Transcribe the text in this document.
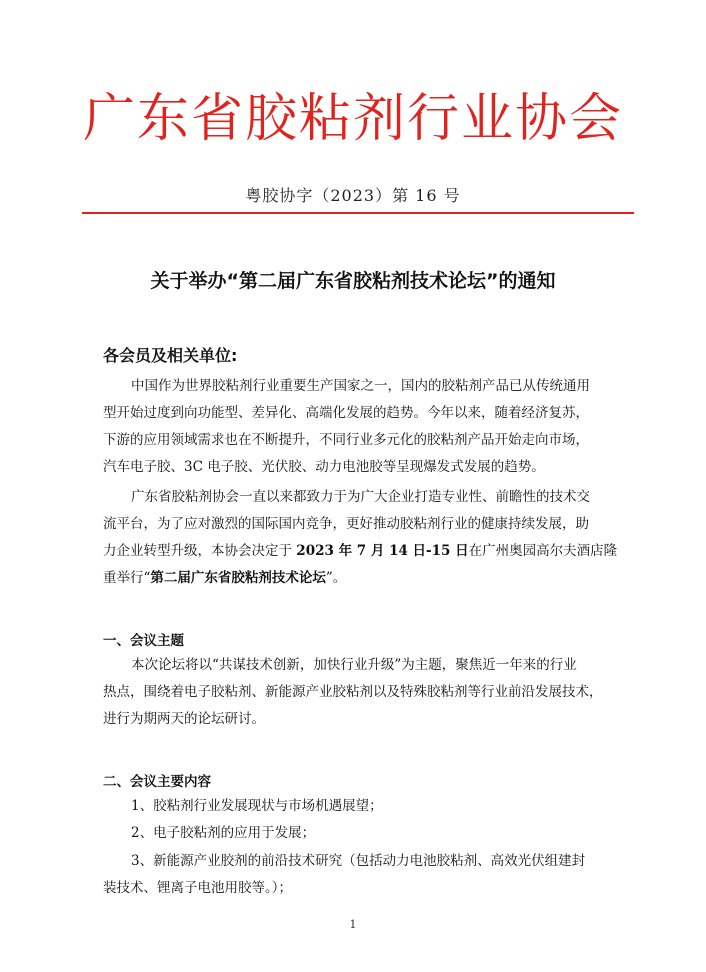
广东省胶粘剂行业协会
粤胶协字（2023）第 16 号
关于举办“第二届广东省胶粘剂技术论坛”的通知
各会员及相关单位:
中国作为世界胶粘剂行业重要生产国家之一，国内的胶粘剂产品已从传统通用
型开始过度到向功能型、差异化、高端化发展的趋势。今年以来，随着经济复苏，
下游的应用领域需求也在不断提升，不同行业多元化的胶粘剂产品开始走向市场，
汽车电子胶、3C 电子胶、光伏胶、动力电池胶等呈现爆发式发展的趋势。
广东省胶粘剂协会一直以来都致力于为广大企业打造专业性、前瞻性的技术交
流平台，为了应对激烈的国际国内竞争，更好推动胶粘剂行业的健康持续发展，助
力企业转型升级，本协会决定于 2023 年 7 月 14 日-15 日在广州奥园高尔夫酒店隆
重举行“第二届广东省胶粘剂技术论坛”。
一、会议主题
本次论坛将以“共谋技术创新，加快行业升级”为主题，聚焦近一年来的行业
热点，围绕着电子胶粘剂、新能源产业胶粘剂以及特殊胶粘剂等行业前沿发展技术，
进行为期两天的论坛研讨。
二、会议主要内容
1、胶粘剂行业发展现状与市场机遇展望；
2、电子胶粘剂的应用于发展；
3、新能源产业胶剂的前沿技术研究（包括动力电池胶粘剂、高效光伏组建封
装技术、锂离子电池用胶等。）；
1
